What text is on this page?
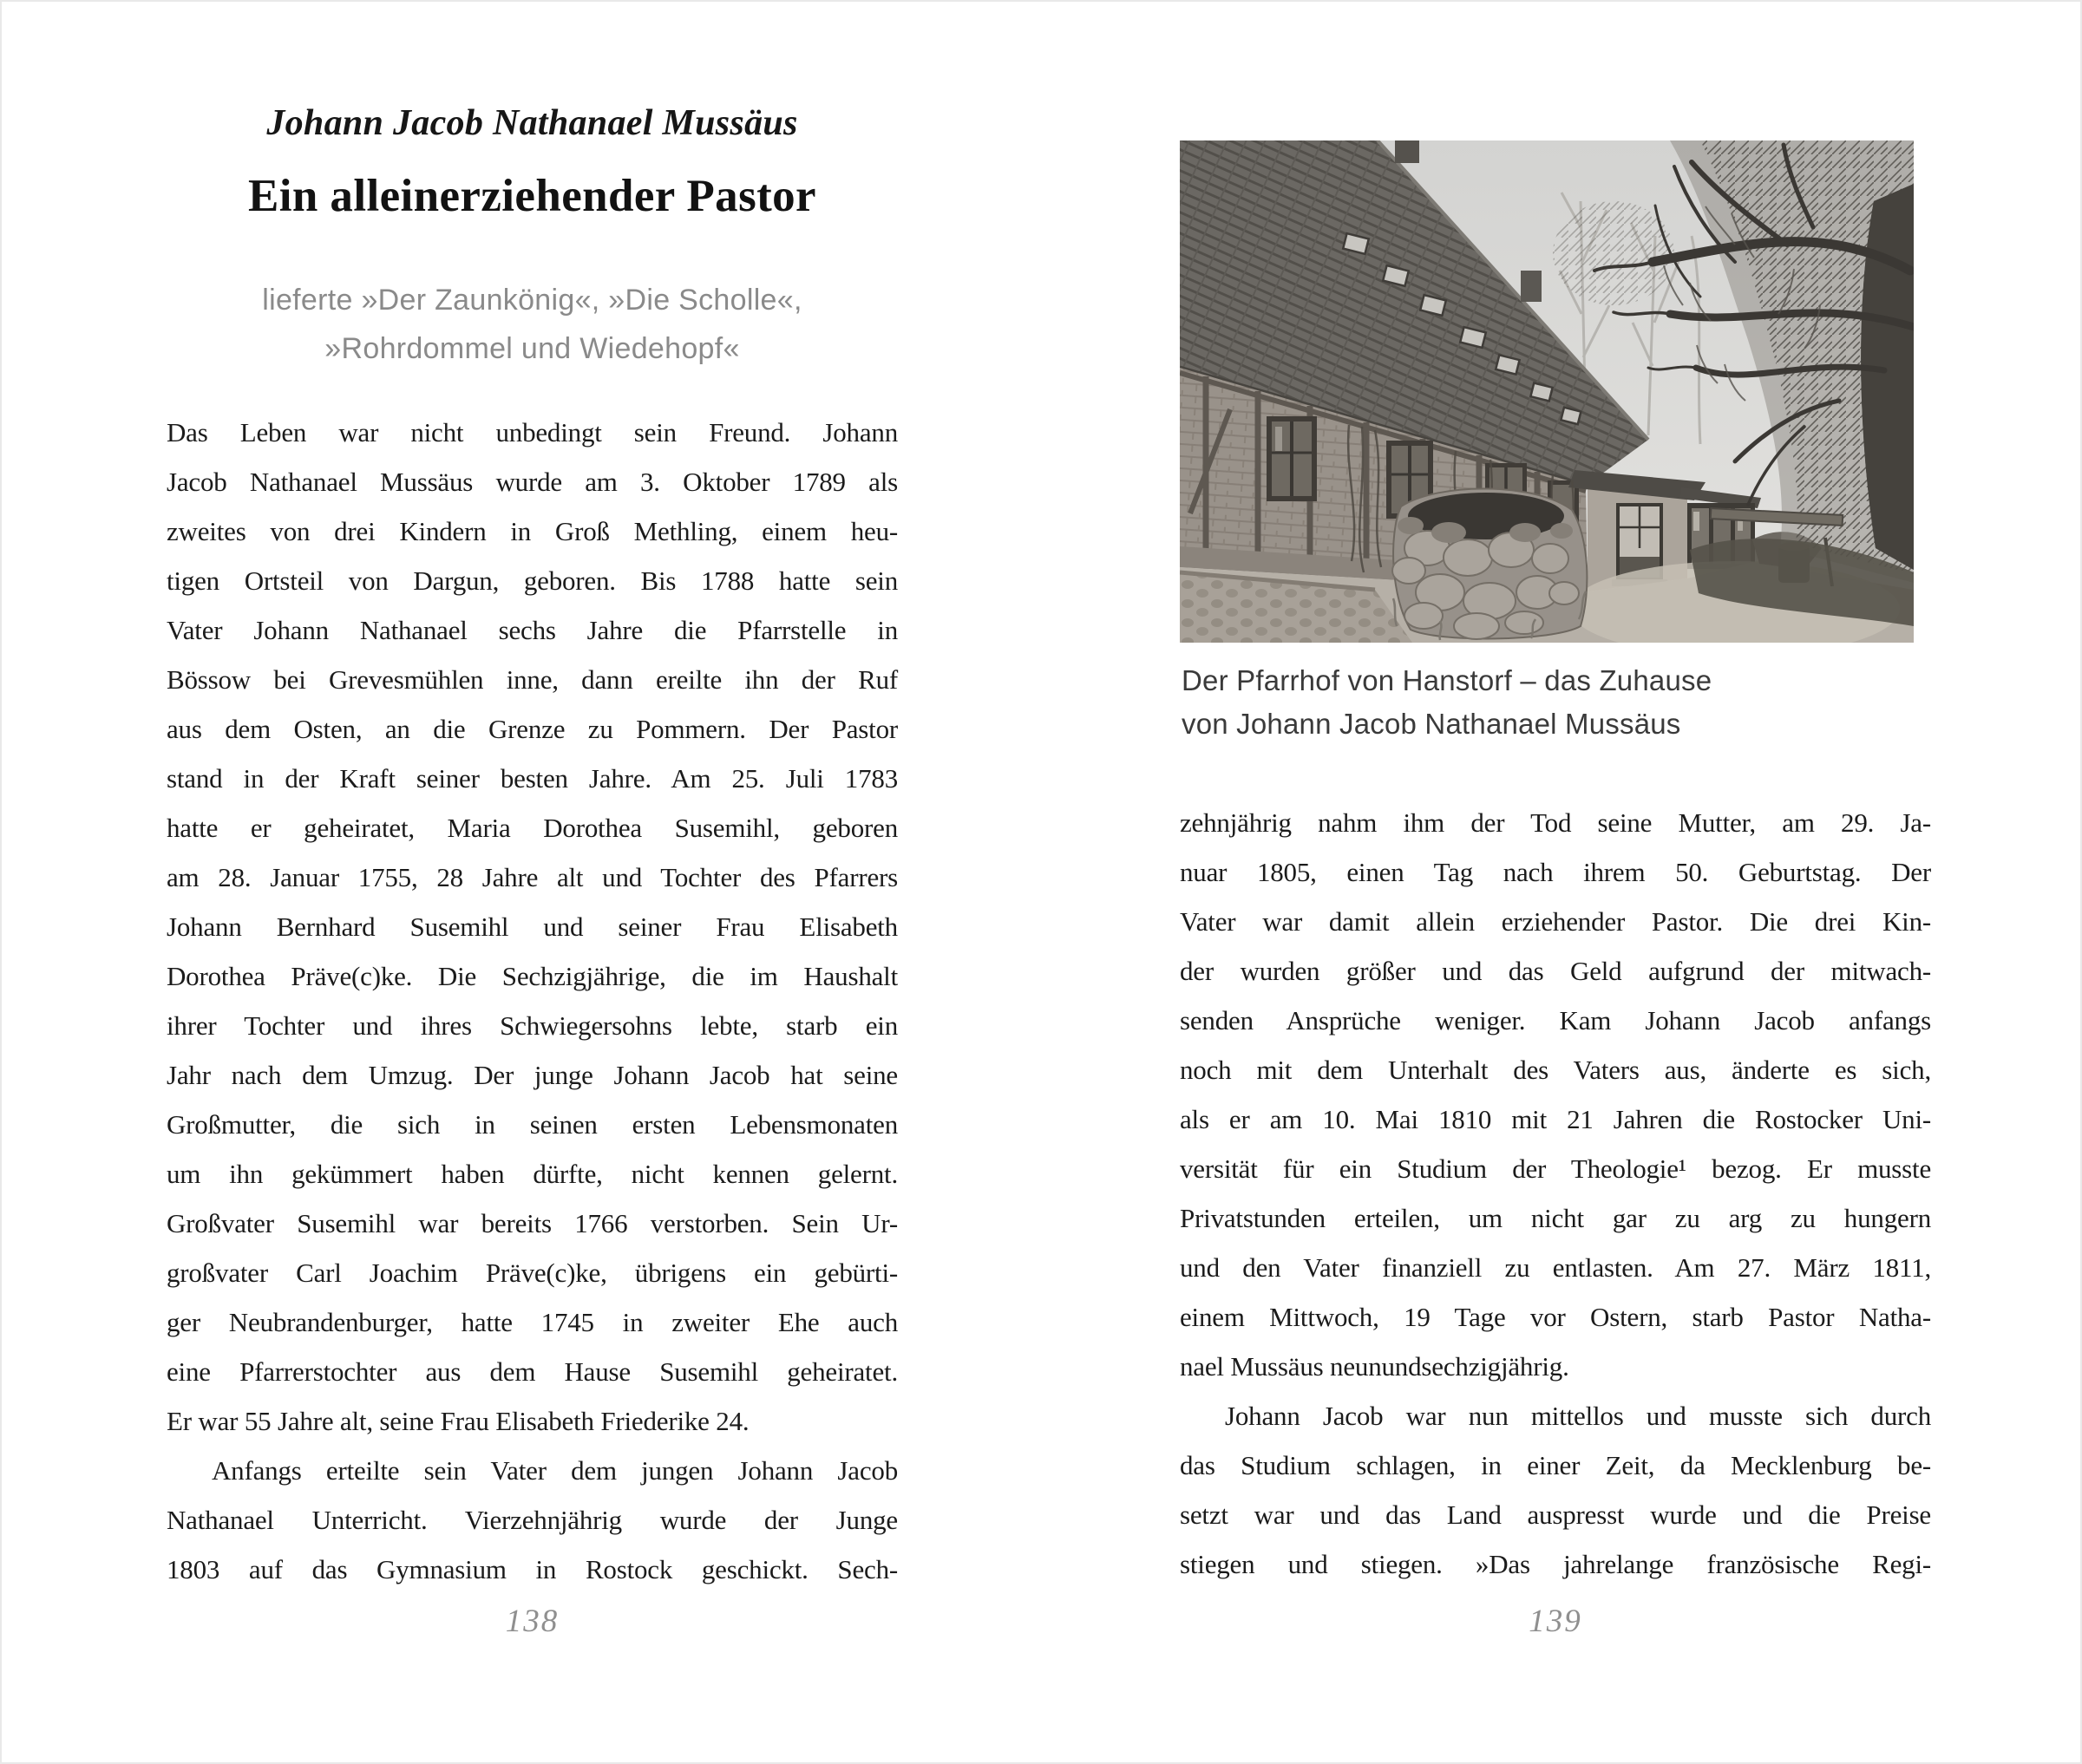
Johann Jacob Nathanael Mussäus
Ein alleinerziehender Pastor
lieferte »Der Zaunkönig«, »Die Scholle«,
»Rohrdommel und Wiedehopf«
Das Leben war nicht unbedingt sein Freund. Johann
Jacob Nathanael Mussäus wurde am 3. Oktober 1789 als
zweites von drei Kindern in Groß Methling, einem heu-
tigen Ortsteil von Dargun, geboren. Bis 1788 hatte sein
Vater Johann Nathanael sechs Jahre die Pfarrstelle in
Bössow bei Grevesmühlen inne, dann ereilte ihn der Ruf
aus dem Osten, an die Grenze zu Pommern. Der Pastor
stand in der Kraft seiner besten Jahre. Am 25. Juli 1783
hatte er geheiratet, Maria Dorothea Susemihl, geboren
am 28. Januar 1755, 28 Jahre alt und Tochter des Pfarrers
Johann Bernhard Susemihl und seiner Frau Elisabeth
Dorothea Präve(c)ke. Die Sechzigjährige, die im Haushalt
ihrer Tochter und ihres Schwiegersohns lebte, starb ein
Jahr nach dem Umzug. Der junge Johann Jacob hat seine
Großmutter, die sich in seinen ersten Lebensmonaten
um ihn gekümmert haben dürfte, nicht kennen gelernt.
Großvater Susemihl war bereits 1766 verstorben. Sein Ur-
großvater Carl Joachim Präve(c)ke, übrigens ein gebürti-
ger Neubrandenburger, hatte 1745 in zweiter Ehe auch
eine Pfarrerstochter aus dem Hause Susemihl geheiratet.
Er war 55 Jahre alt, seine Frau Elisabeth Friederike 24.
Anfangs erteilte sein Vater dem jungen Johann Jacob
Nathanael Unterricht. Vierzehnjährig wurde der Junge
1803 auf das Gymnasium in Rostock geschickt. Sech-
138
Der Pfarrhof von Hanstorf – das Zuhause
von Johann Jacob Nathanael Mussäus
zehnjährig nahm ihm der Tod seine Mutter, am 29. Ja-
nuar 1805, einen Tag nach ihrem 50. Geburtstag. Der
Vater war damit allein erziehender Pastor. Die drei Kin-
der wurden größer und das Geld aufgrund der mitwach-
senden Ansprüche weniger. Kam Johann Jacob anfangs
noch mit dem Unterhalt des Vaters aus, änderte es sich,
als er am 10. Mai 1810 mit 21 Jahren die Rostocker Uni-
versität für ein Studium der Theologie¹ bezog. Er musste
Privatstunden erteilen, um nicht gar zu arg zu hungern
und den Vater finanziell zu entlasten. Am 27. März 1811,
einem Mittwoch, 19 Tage vor Ostern, starb Pastor Natha-
nael Mussäus neunundsechzigjährig.
Johann Jacob war nun mittellos und musste sich durch
das Studium schlagen, in einer Zeit, da Mecklenburg be-
setzt war und das Land auspresst wurde und die Preise
stiegen und stiegen. »Das jahrelange französische Regi-
139
